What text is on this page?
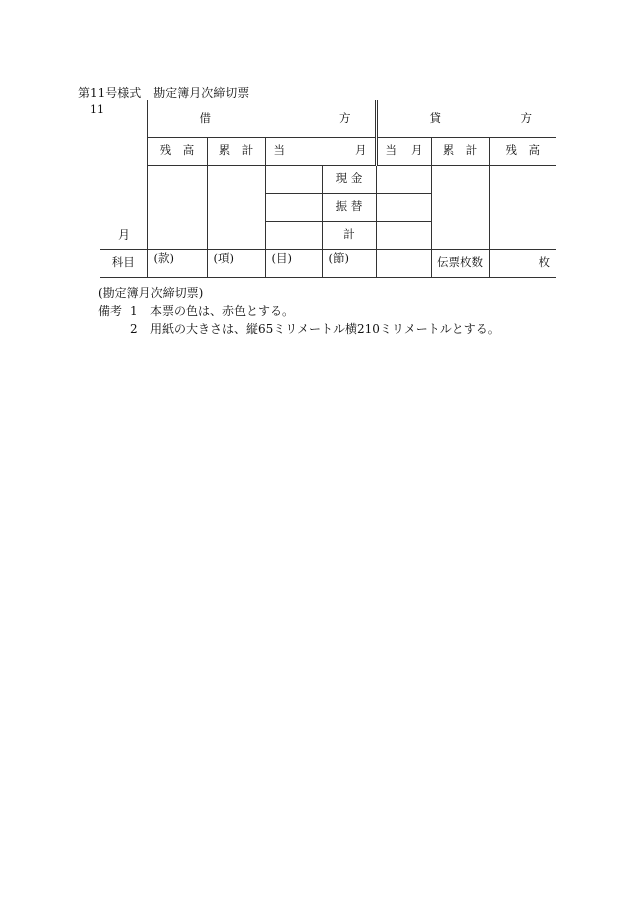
第11号様式　勘定簿月次締切票
11
月

	借 方				貸 方		

	残　高	累　計	当 月		当 月	累　計	残　高
				現 金			
				振 替			
				計			
科目	(款)	(項)	(目)	(節)		伝票枚数	枚
(勘定簿月次締切票)
備考 1	本票の色は、赤色とする。
2	用紙の大きさは、縦65ミリメートル横210ミリメートルとする。
